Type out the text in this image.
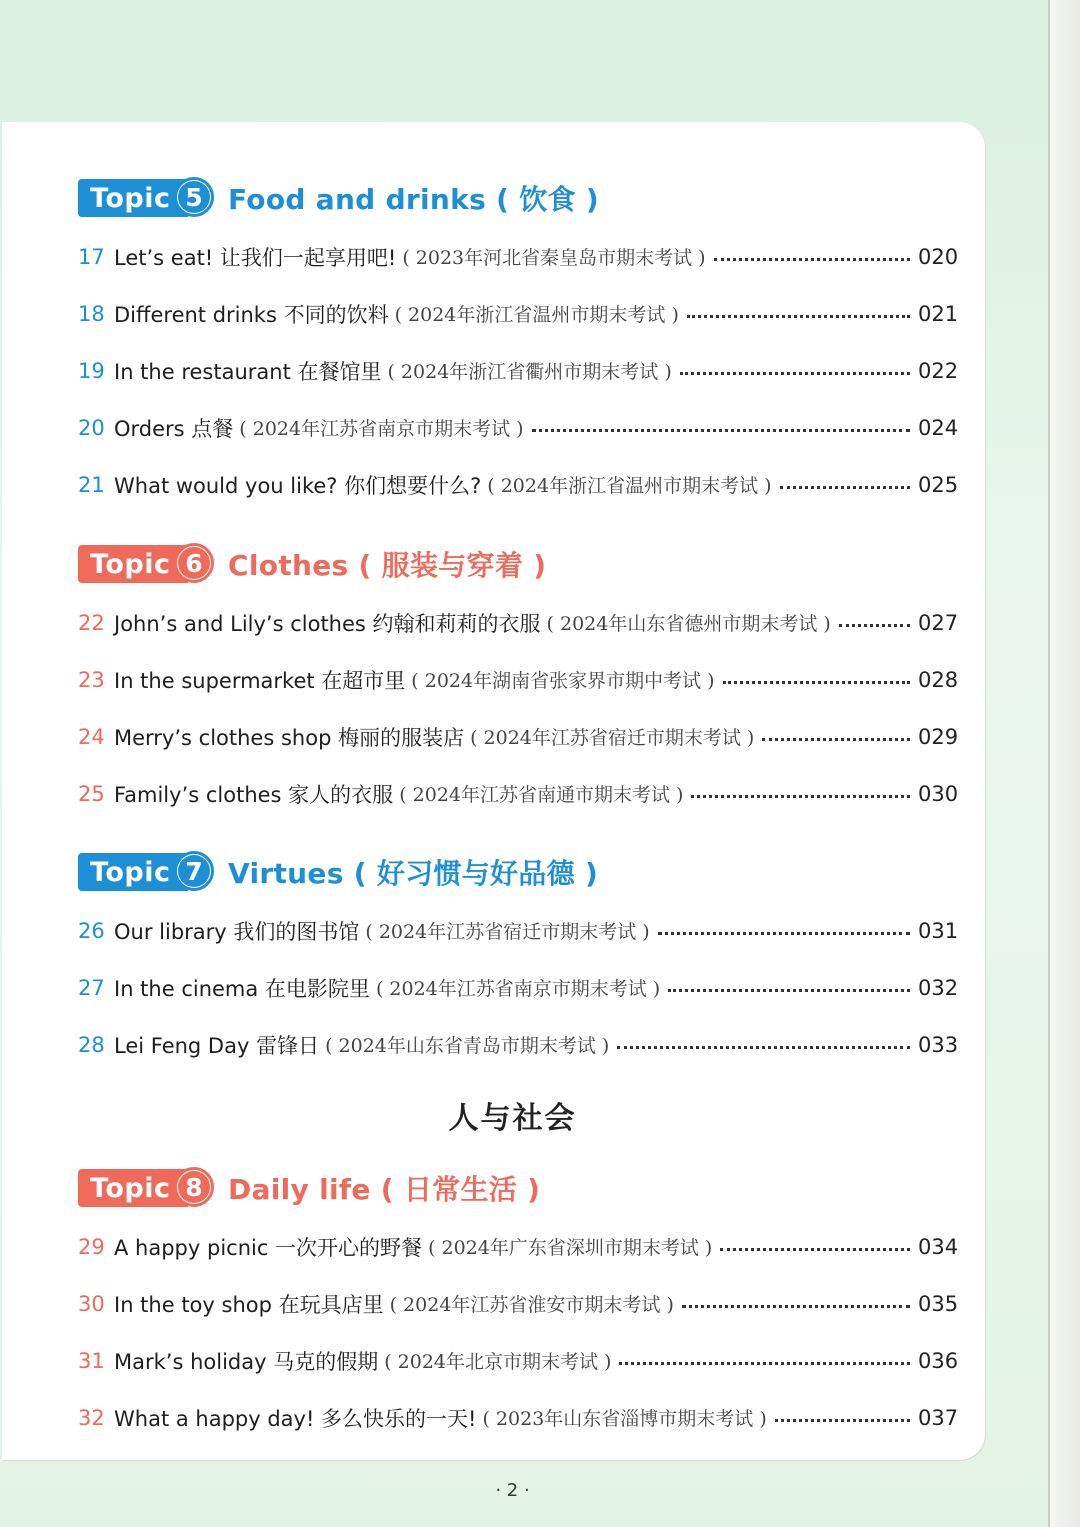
Topic 5 Food and drinks ( 饮食 )
17 Let’s eat! 让我们一起享用吧! ( 2023年河北省秦皇岛市期末考试 )	020
18 Different drinks 不同的饮料 ( 2024年浙江省温州市期末考试 )	021
19 In the restaurant 在餐馆里 ( 2024年浙江省衢州市期末考试 )	022
20 Orders 点餐 ( 2024年江苏省南京市期末考试 )	024
21 What would you like? 你们想要什么? ( 2024年浙江省温州市期末考试 )	025
Topic 6 Clothes ( 服装与穿着 )
22 John’s and Lily’s clothes 约翰和莉莉的衣服 ( 2024年山东省德州市期末考试 )	027
23 In the supermarket 在超市里 ( 2024年湖南省张家界市期中考试 )	028
24 Merry’s clothes shop 梅丽的服装店 ( 2024年江苏省宿迁市期末考试 )	029
25 Family’s clothes 家人的衣服 ( 2024年江苏省南通市期末考试 )	030
Topic 7 Virtues ( 好习惯与好品德 )
26 Our library 我们的图书馆 ( 2024年江苏省宿迁市期末考试 )	031
27 In the cinema 在电影院里 ( 2024年江苏省南京市期末考试 )	032
28 Lei Feng Day 雷锋日 ( 2024年山东省青岛市期末考试 )	033
人与社会
Topic 8 Daily life ( 日常生活 )
29 A happy picnic 一次开心的野餐 ( 2024年广东省深圳市期末考试 )	034
30 In the toy shop 在玩具店里 ( 2024年江苏省淮安市期末考试 )	035
31 Mark’s holiday 马克的假期 ( 2024年北京市期末考试 )	036
32 What a happy day! 多么快乐的一天! ( 2023年山东省淄博市期末考试 )	037
· 2 ·
